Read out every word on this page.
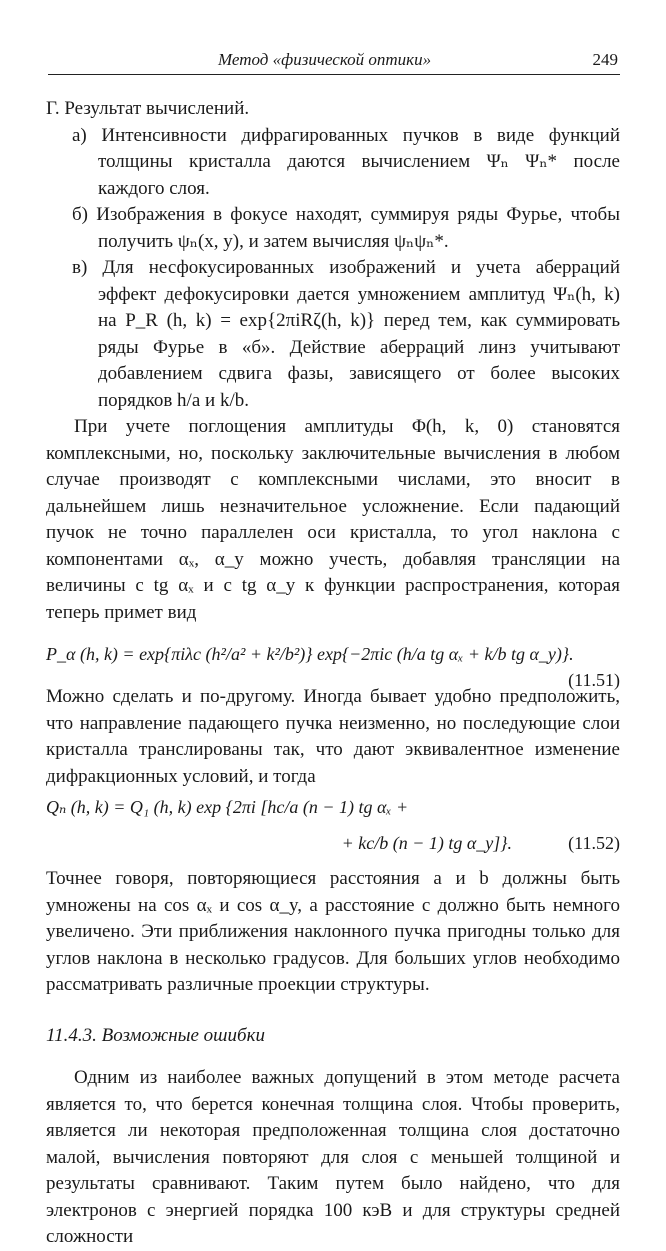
Метод «физической оптики»	249

Г. Результат вычислений.

а) Интенсивности дифрагированных пучков в виде функций толщины кристалла даются вычислением Ψₙ Ψₙ* после каждого слоя.

б) Изображения в фокусе находят, суммируя ряды Фурье, чтобы получить ψₙ(x, y), и затем вычисляя ψₙψₙ*.

в) Для несфокусированных изображений и учета аберраций эффект дефокусировки дается умножением амплитуд Ψₙ(h, k) на P_R (h, k) = exp{2πiRζ(h, k)} перед тем, как суммировать ряды Фурье в «б». Действие аберраций линз учитывают добавлением сдвига фазы, зависящего от более высоких порядков h/a и k/b.

При учете поглощения амплитуды Φ(h, k, 0) становятся комплексными, но, поскольку заключительные вычисления в любом случае производят с комплексными числами, это вносит в дальнейшем лишь незначительное усложнение. Если падающий пучок не точно параллелен оси кристалла, то угол наклона с компонентами αₓ, α_y можно учесть, добавляя трансляции на величины c tg αₓ и c tg α_y к функции распространения, которая теперь примет вид

P_α (h, k) = exp{πiλc (h²/a² + k²/b²)} exp{−2πic (h/a tg αₓ + k/b tg α_y)}.
(11.51)

Можно сделать и по-другому. Иногда бывает удобно предположить, что направление падающего пучка неизменно, но последующие слои кристалла транслированы так, что дают эквивалентное изменение дифракционных условий, и тогда

Qₙ (h, k) = Q₁ (h, k) exp {2πi [hc/a (n − 1) tg αₓ +
+ kc/b (n − 1) tg α_y]}.	(11.52)

Точнее говоря, повторяющиеся расстояния a и b должны быть умножены на cos αₓ и cos α_y, а расстояние c должно быть немного увеличено. Эти приближения наклонного пучка пригодны только для углов наклона в несколько градусов. Для больших углов необходимо рассматривать различные проекции структуры.

11.4.3. Возможные ошибки

Одним из наиболее важных допущений в этом методе расчета является то, что берется конечная толщина слоя. Чтобы проверить, является ли некоторая предположенная толщина слоя достаточно малой, вычисления повторяют для слоя с меньшей толщиной и результаты сравнивают. Таким путем было найдено, что для электронов с энергией порядка 100 кэВ и для структуры средней сложности
